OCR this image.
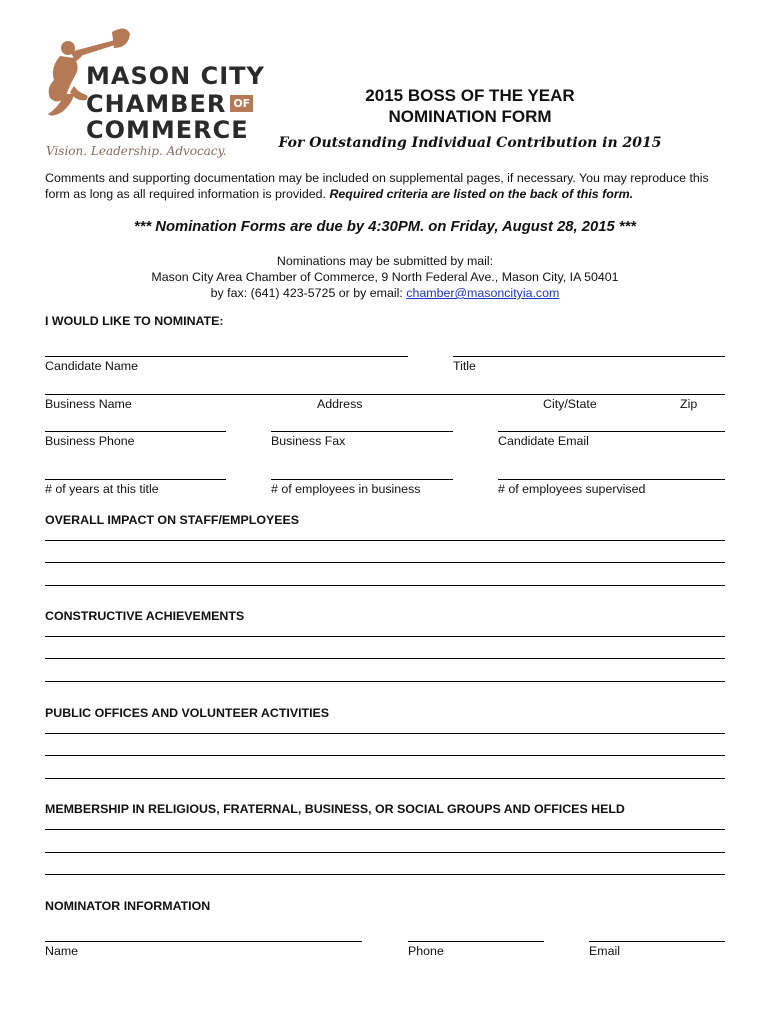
MASON CITY
CHAMBER OF
COMMERCE
Vision. Leadership. Advocacy.
2015 BOSS OF THE YEAR
NOMINATION FORM
For Outstanding Individual Contribution in 2015
Comments and supporting documentation may be included on supplemental pages, if necessary. You may reproduce this form as long as all required information is provided. Required criteria are listed on the back of this form.
*** Nomination Forms are due by 4:30PM. on Friday, August 28, 2015 ***
Nominations may be submitted by mail:
Mason City Area Chamber of Commerce, 9 North Federal Ave., Mason City, IA 50401
by fax: (641) 423-5725 or by email: chamber@masoncityia.com
I WOULD LIKE TO NOMINATE:
Candidate Name	Title
Business Name	Address	City/State	Zip
Business Phone	Business Fax	Candidate Email
# of years at this title	# of employees in business	# of employees supervised
OVERALL IMPACT ON STAFF/EMPLOYEES
CONSTRUCTIVE ACHIEVEMENTS
PUBLIC OFFICES AND VOLUNTEER ACTIVITIES
MEMBERSHIP IN RELIGIOUS, FRATERNAL, BUSINESS, OR SOCIAL GROUPS AND OFFICES HELD
NOMINATOR INFORMATION
Name	Phone	Email
